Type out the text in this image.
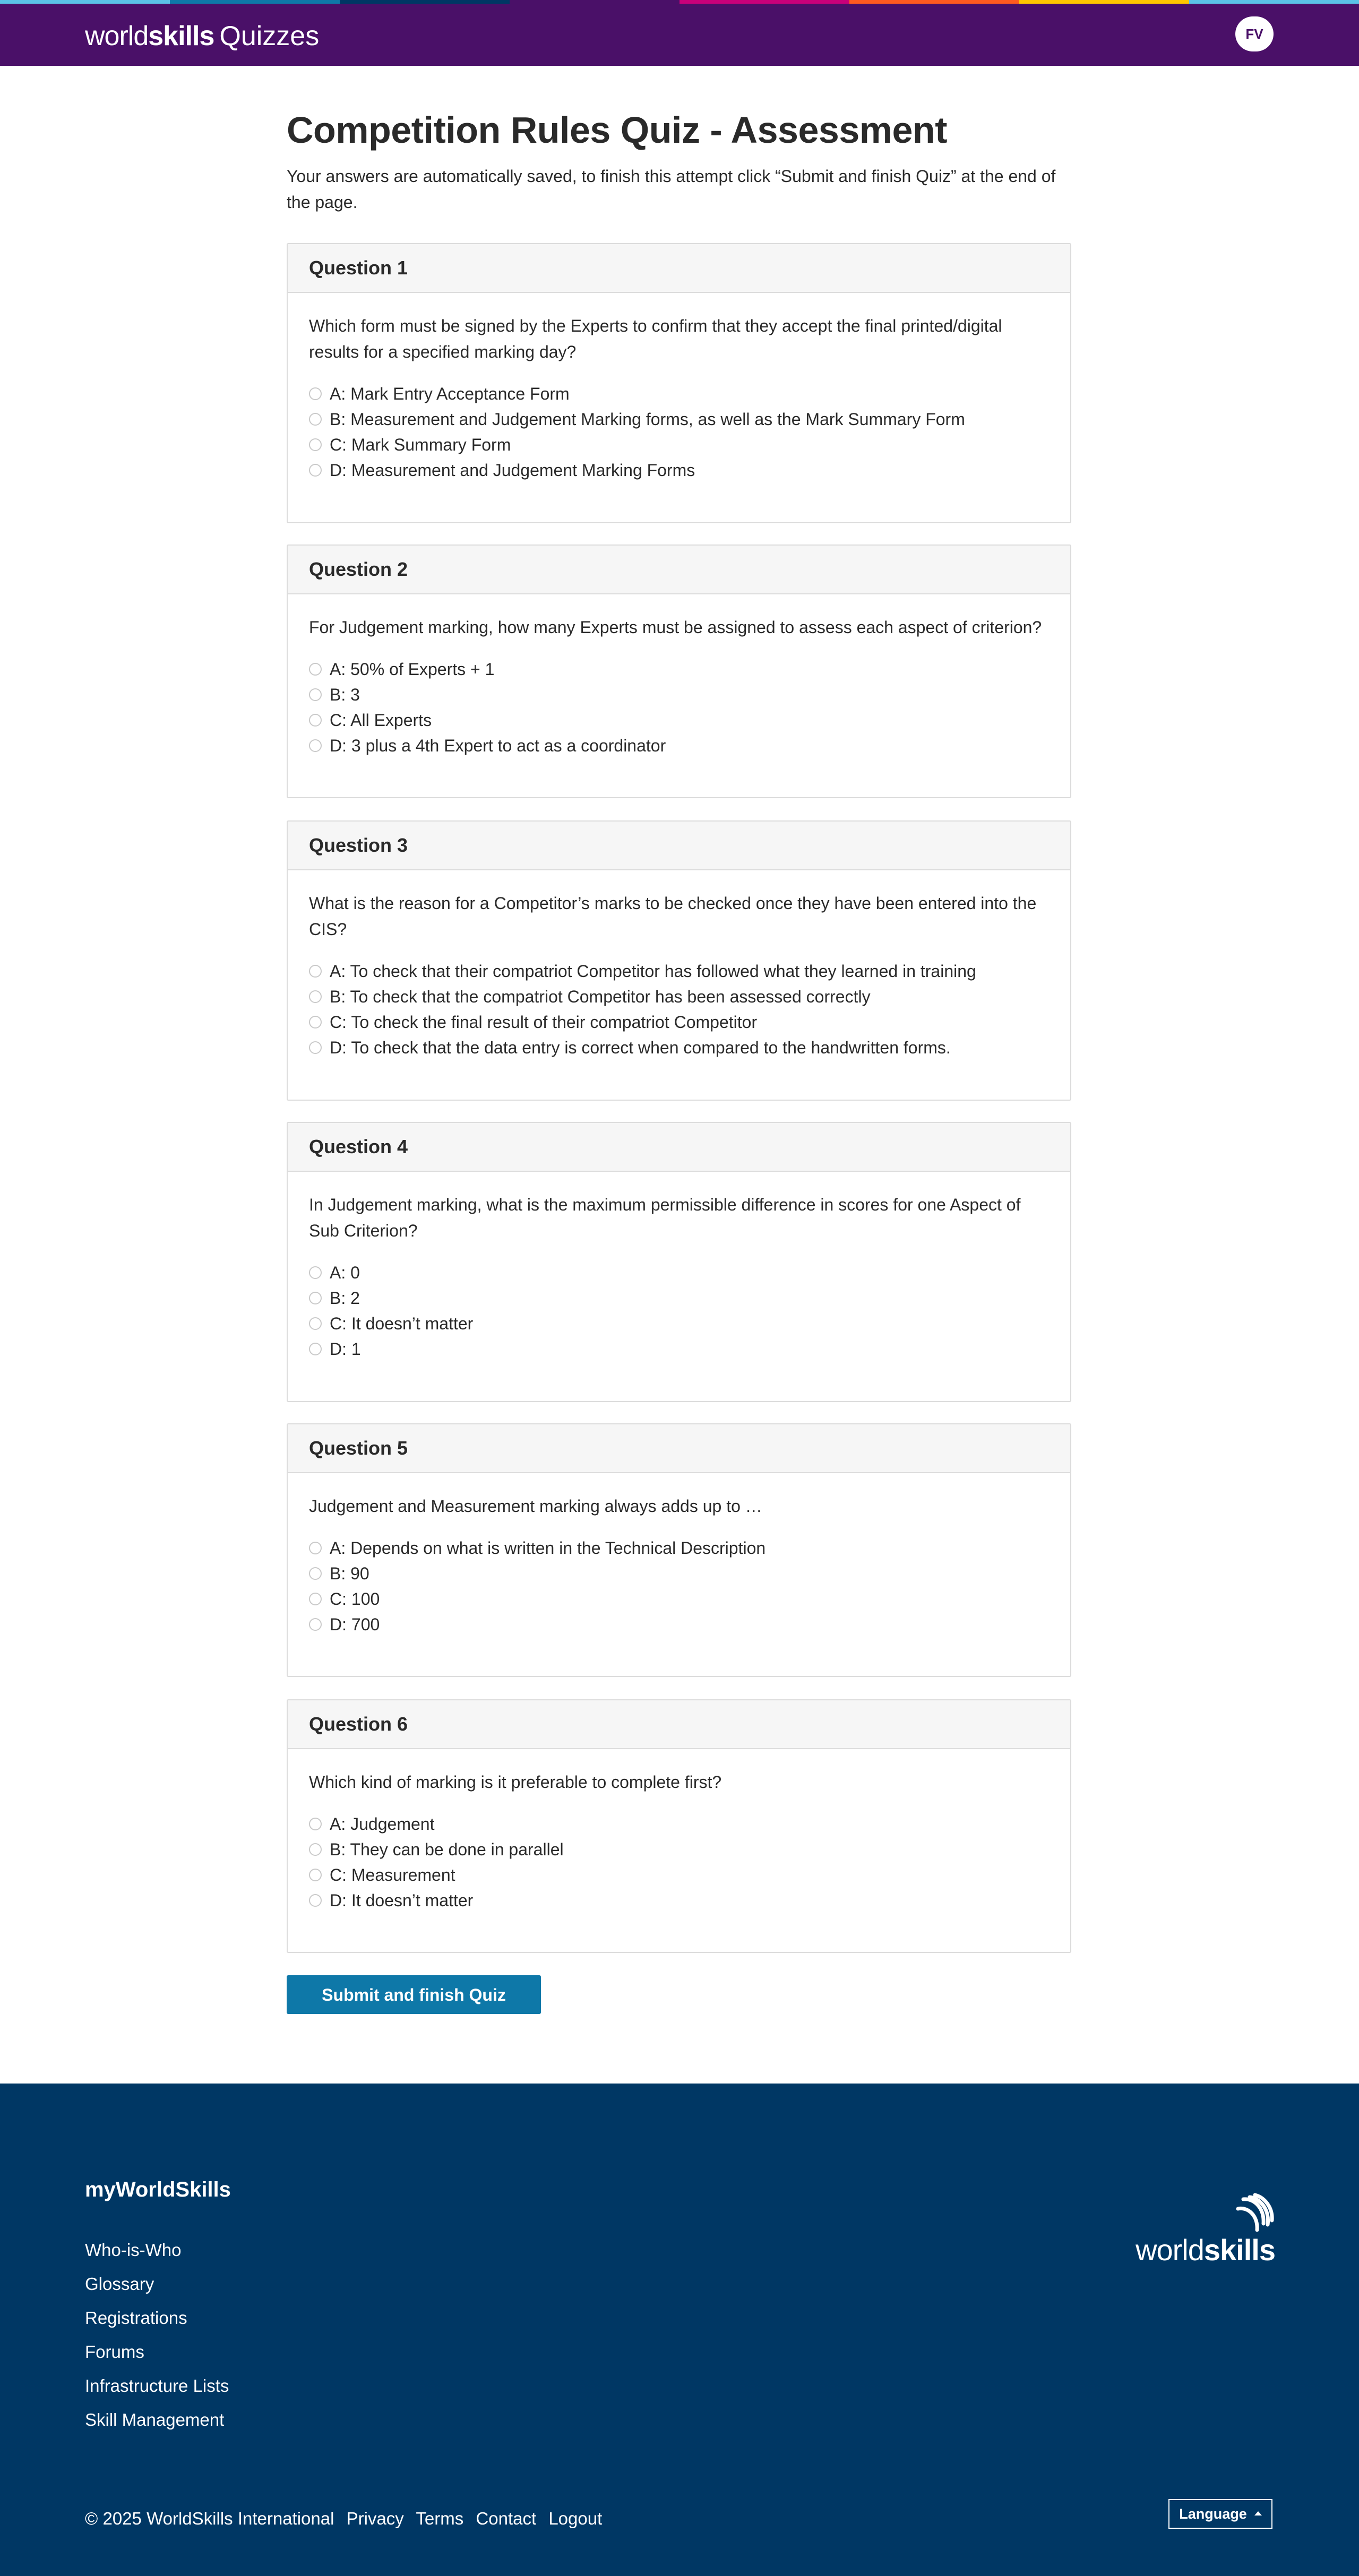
worldskills Quizzes	FV
Competition Rules Quiz - Assessment
Your answers are automatically saved, to finish this attempt click “Submit and finish Quiz” at the end of the page.
Question 1
Which form must be signed by the Experts to confirm that they accept the final printed/digital results for a specified marking day?
A: Mark Entry Acceptance Form
B: Measurement and Judgement Marking forms, as well as the Mark Summary Form
C: Mark Summary Form
D: Measurement and Judgement Marking Forms
Question 2
For Judgement marking, how many Experts must be assigned to assess each aspect of criterion?
A: 50% of Experts + 1
B: 3
C: All Experts
D: 3 plus a 4th Expert to act as a coordinator
Question 3
What is the reason for a Competitor’s marks to be checked once they have been entered into the CIS?
A: To check that their compatriot Competitor has followed what they learned in training
B: To check that the compatriot Competitor has been assessed correctly
C: To check the final result of their compatriot Competitor
D: To check that the data entry is correct when compared to the handwritten forms.
Question 4
In Judgement marking, what is the maximum permissible difference in scores for one Aspect of Sub Criterion?
A: 0
B: 2
C: It doesn’t matter
D: 1
Question 5
Judgement and Measurement marking always adds up to …
A: Depends on what is written in the Technical Description
B: 90
C: 100
D: 700
Question 6
Which kind of marking is it preferable to complete first?
A: Judgement
B: They can be done in parallel
C: Measurement
D: It doesn’t matter
Submit and finish Quiz
myWorldSkills
Who-is-Who
Glossary
Registrations
Forums
Infrastructure Lists
Skill Management
worldskills
© 2025 WorldSkills International Privacy Terms Contact Logout	Language
